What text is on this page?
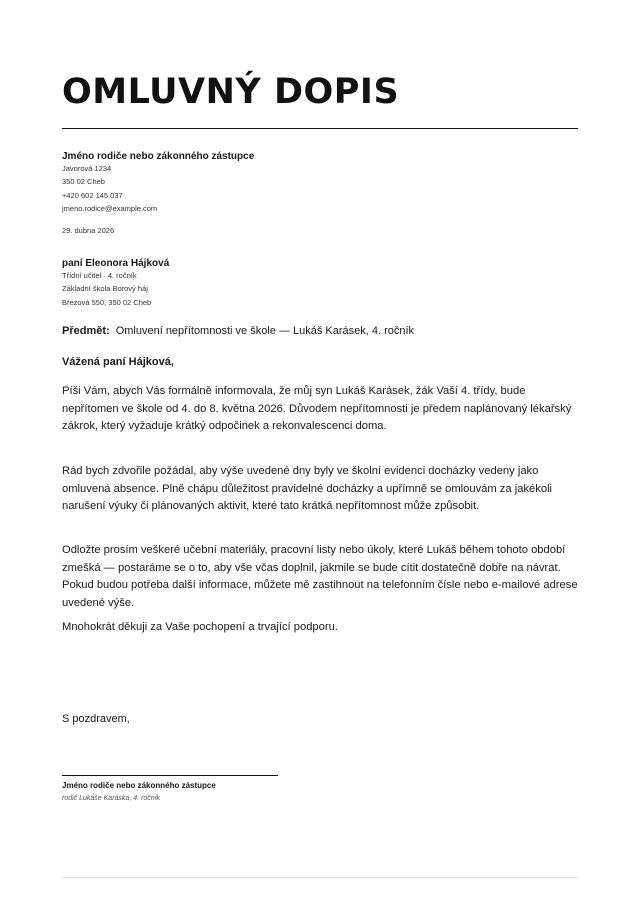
OMLUVNÝ DOPIS
Jméno rodiče nebo zákonného zástupce
Javorová 1234
350 02 Cheb
+420 602 145 037
jmeno.rodice@example.com
29. dubna 2026
paní Eleonora Hájková
Třídní učitel · 4. ročník
Základní škola Borový háj
Březová 550, 350 02 Cheb
Předmět: Omluvení nepřítomnosti ve škole — Lukáš Karásek, 4. ročník
Vážená paní Hájková,
Píši Vám, abych Vás formálně informovala, že můj syn Lukáš Karásek, žák Vaší 4. třídy, bude nepřítomen ve škole od 4. do 8. května 2026. Důvodem nepřítomnosti je předem naplánovaný lékařský zákrok, který vyžaduje krátký odpočinek a rekonvalescenci doma.
Rád bych zdvořile požádal, aby výše uvedené dny byly ve školní evidenci docházky vedeny jako omluvená absence. Plně chápu důležitost pravidelné docházky a upřímně se omlouvám za jakékoli narušení výuky či plánovaných aktivit, které tato krátká nepřítomnost může způsobit.
Odložte prosím veškeré učební materiály, pracovní listy nebo úkoly, které Lukáš během tohoto období zmešká — postaráme se o to, aby vše včas doplnil, jakmile se bude cítit dostatečně dobře na návrat. Pokud budou potřeba další informace, můžete mě zastihnout na telefonním čísle nebo e-mailové adrese uvedené výše.
Mnohokrát děkuji za Vaše pochopení a trvající podporu.
S pozdravem,
Jméno rodiče nebo zákonného zástupce
rodič Lukáše Karáska, 4. ročník
